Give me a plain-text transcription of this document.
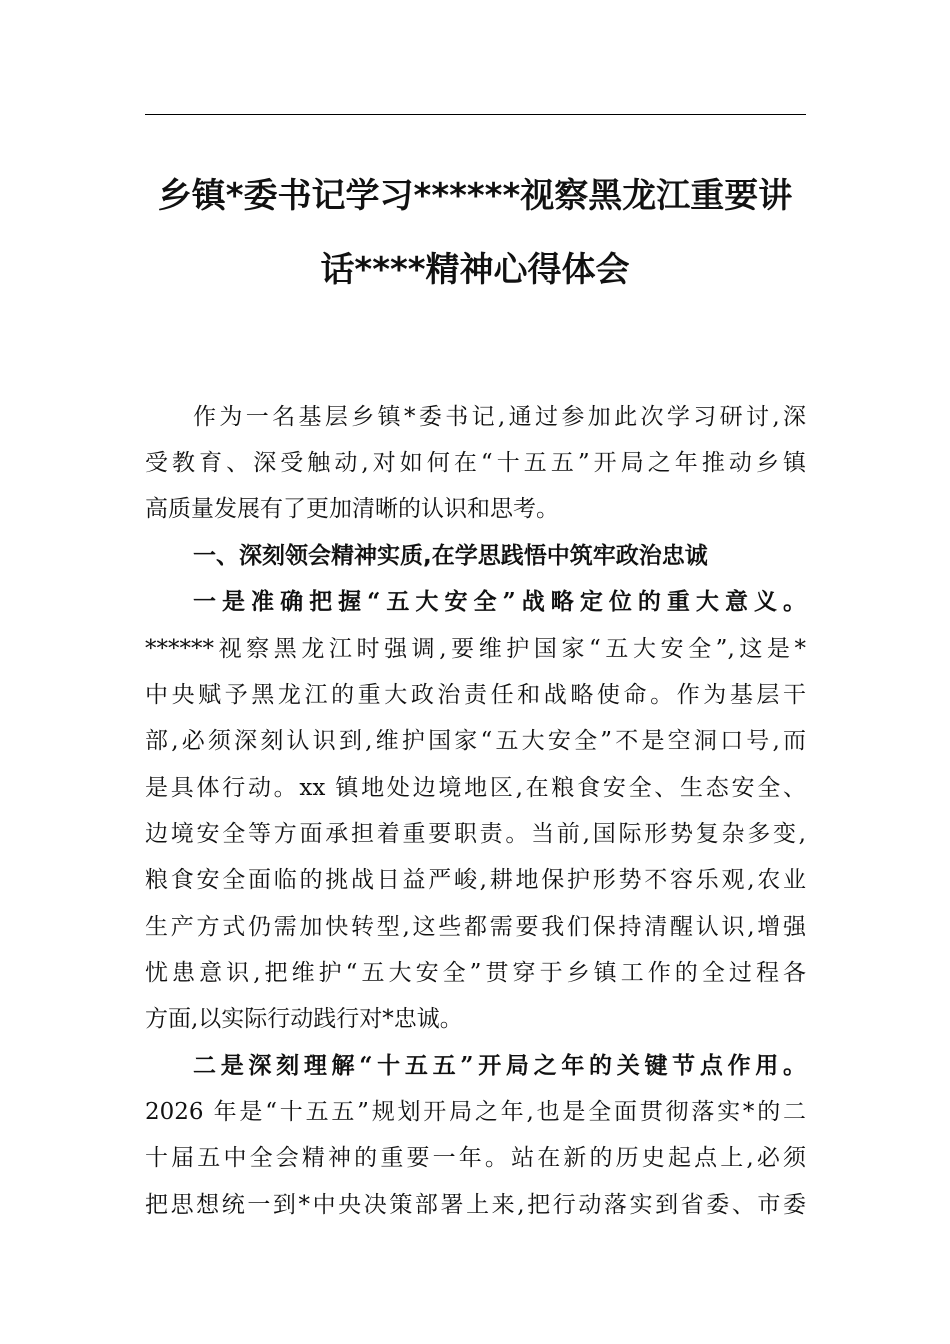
乡镇*委书记学习******视察黑龙江重要讲
话****精神心得体会
作为一名基层乡镇*委书记,通过参加此次学习研讨,深
受教育、深受触动,对如何在“十五五”开局之年推动乡镇
高质量发展有了更加清晰的认识和思考。
一、深刻领会精神实质,在学思践悟中筑牢政治忠诚
一是准确把握“五大安全”战略定位的重大意义。
******视察黑龙江时强调,要维护国家“五大安全”,这是*
中央赋予黑龙江的重大政治责任和战略使命。作为基层干
部,必须深刻认识到,维护国家“五大安全”不是空洞口号,而
是具体行动。xx 镇地处边境地区,在粮食安全、生态安全、
边境安全等方面承担着重要职责。当前,国际形势复杂多变,
粮食安全面临的挑战日益严峻,耕地保护形势不容乐观,农业
生产方式仍需加快转型,这些都需要我们保持清醒认识,增强
忧患意识,把维护“五大安全”贯穿于乡镇工作的全过程各
方面,以实际行动践行对*忠诚。
二是深刻理解“十五五”开局之年的关键节点作用。
2026 年是“十五五”规划开局之年,也是全面贯彻落实*的二
十届五中全会精神的重要一年。站在新的历史起点上,必须
把思想统一到*中央决策部署上来,把行动落实到省委、市委
